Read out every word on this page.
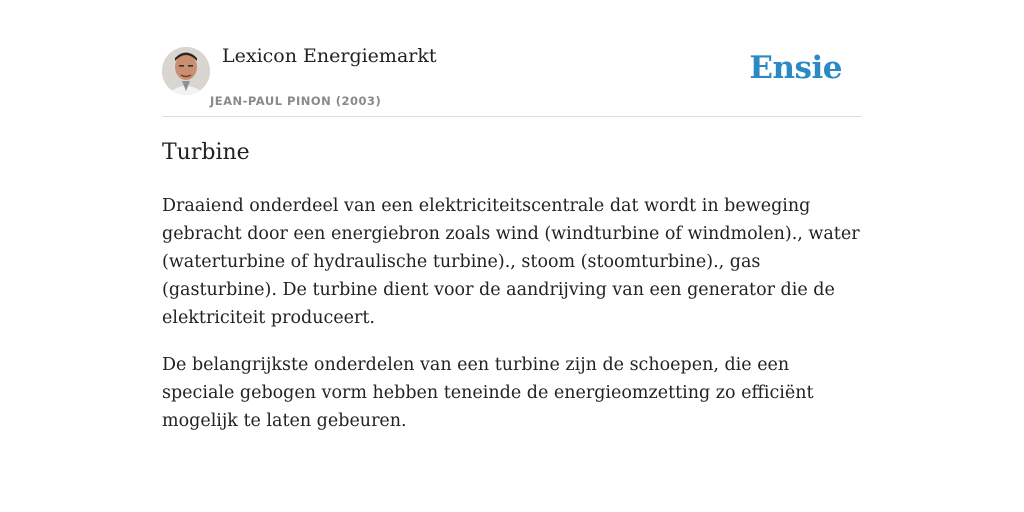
Lexicon Energiemarkt
JEAN-PAUL PINON (2003)
Ensie
Turbine

Draaiend onderdeel van een elektriciteitscentrale dat wordt in beweging gebracht door een energiebron zoals wind (windturbine of windmolen)., water (waterturbine of hydraulische turbine)., stoom (stoomturbine)., gas (gasturbine). De turbine dient voor de aandrijving van een generator die de elektriciteit produceert.

De belangrijkste onderdelen van een turbine zijn de schoepen, die een speciale gebogen vorm hebben teneinde de energieomzetting zo efficiënt mogelijk te laten gebeuren.
